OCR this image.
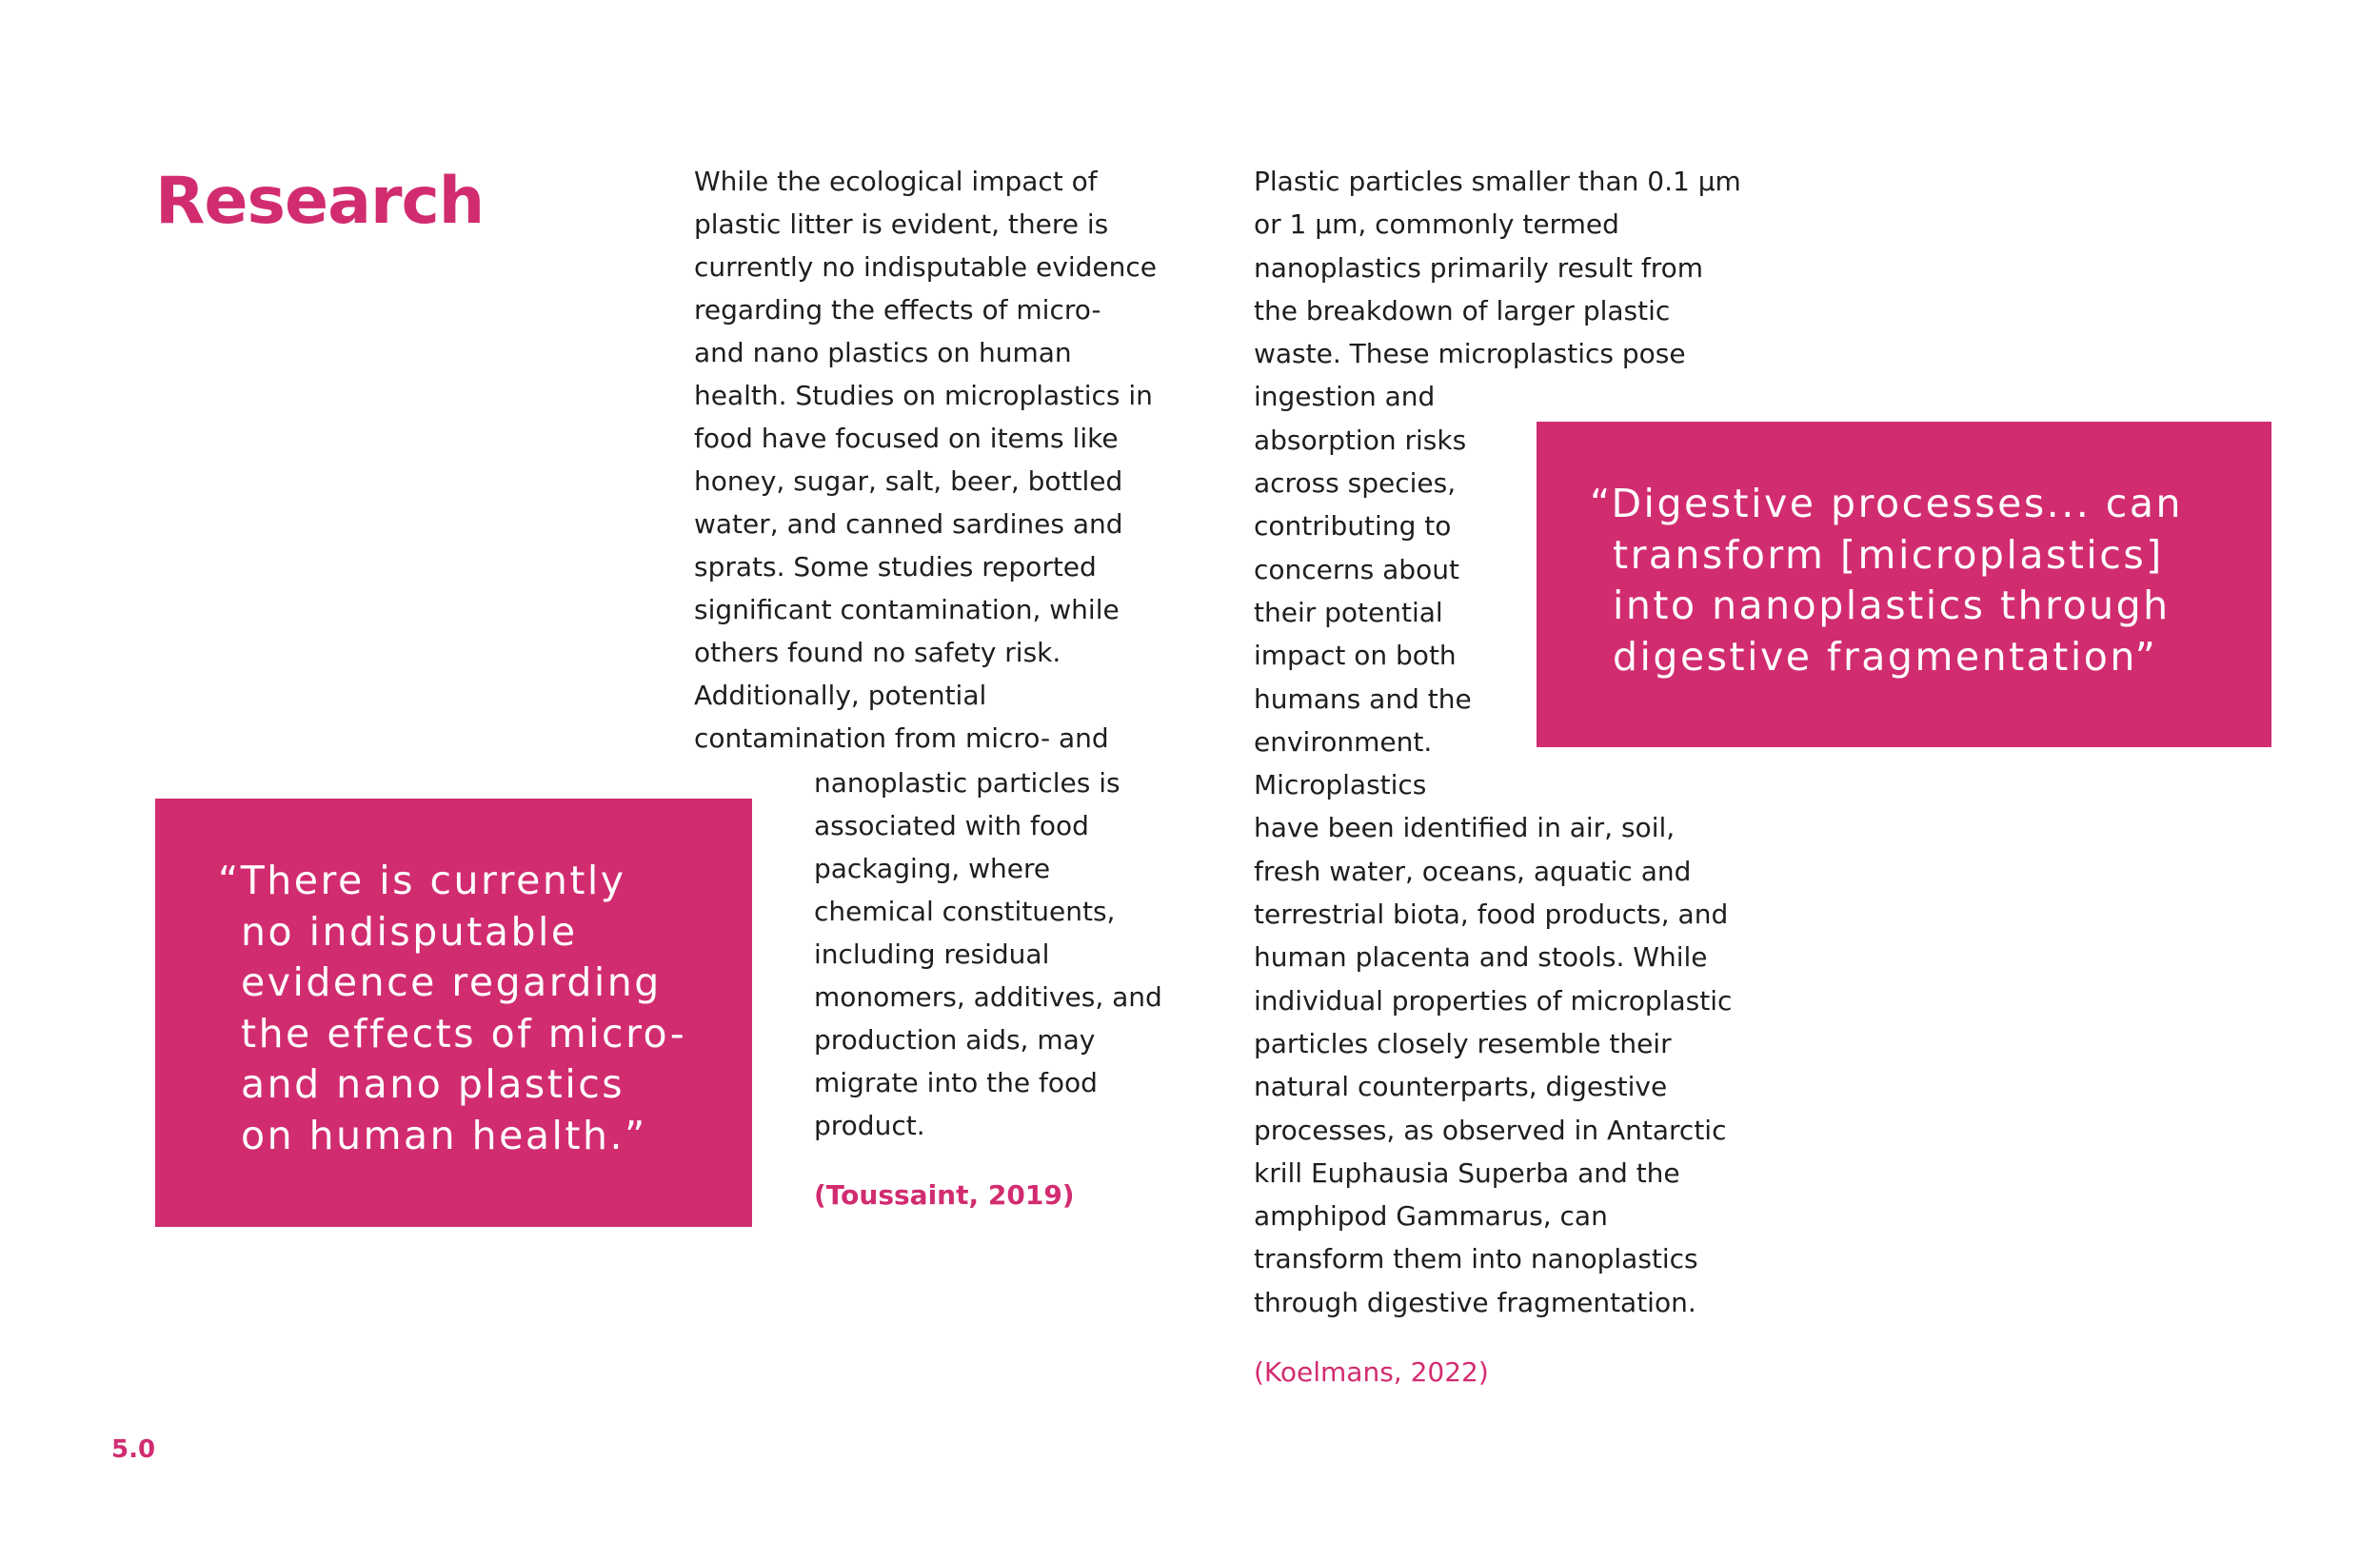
Research	While the ecological impact of
plastic litter is evident, there is
currently no indisputable evidence
regarding the effects of micro-
and nano plastics on human
health. Studies on microplastics in
food have focused on items like
honey, sugar, salt, beer, bottled
water, and canned sardines and
sprats. Some studies reported
significant contamination, while
others found no safety risk.
Additionally, potential
contamination from micro- and
nanoplastic particles is
associated with food
packaging, where
chemical constituents,
including residual
monomers, additives, and
production aids, may
migrate into the food
product.
(Toussaint, 2019)
Plastic particles smaller than 0.1 µm
or 1 µm, commonly termed
nanoplastics primarily result from
the breakdown of larger plastic
waste. These microplastics pose
ingestion and
absorption risks
across species,
contributing to
concerns about
their potential
impact on both
humans and the
environment.
Microplastics
have been identified in air, soil,
fresh water, oceans, aquatic and
terrestrial biota, food products, and
human placenta and stools. While
individual properties of microplastic
particles closely resemble their
natural counterparts, digestive
processes, as observed in Antarctic
krill Euphausia Superba and the
amphipod Gammarus, can
transform them into nanoplastics
through digestive fragmentation.
(Koelmans, 2022)

“There is currently
no indisputable
evidence regarding
the effects of micro-
and nano plastics
on human health.”

“Digestive processes... can
transform [microplastics]
into nanoplastics through
digestive fragmentation”

5.0
